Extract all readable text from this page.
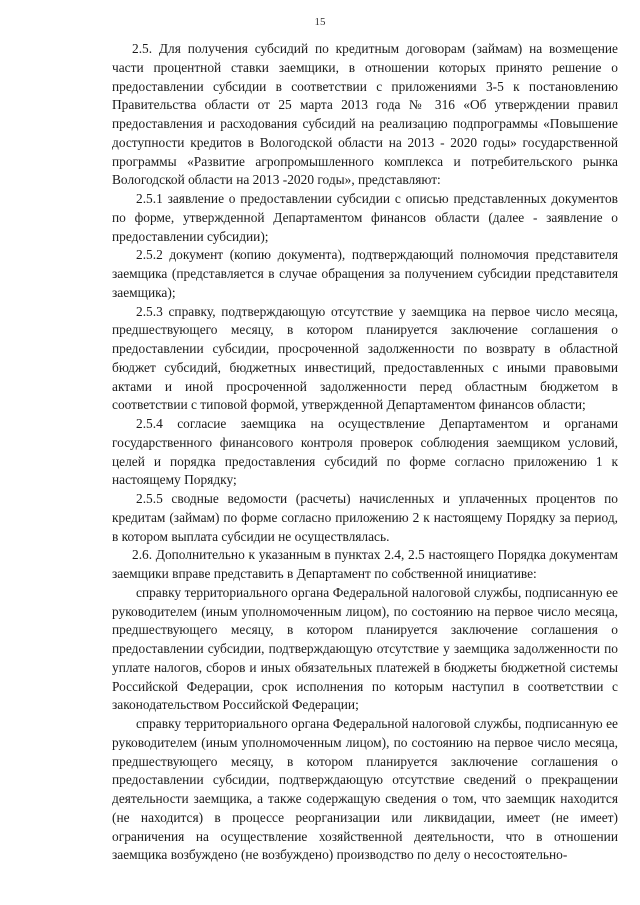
15

2.5. Для получения субсидий по кредитным договорам (займам) на возмещение части процентной ставки заемщики, в отношении которых принято решение о предоставлении субсидии в соответствии с приложениями 3-5 к постановлению Правительства области от 25 марта 2013 года № 316 «Об утверждении правил предоставления и расходования субсидий на реализацию подпрограммы «Повышение доступности кредитов в Вологодской области на 2013 - 2020 годы» государственной программы «Развитие агропромышленного комплекса и потребительского рынка Вологодской области на 2013 -2020 годы», представляют:

2.5.1 заявление о предоставлении субсидии с описью представленных документов по форме, утвержденной Департаментом финансов области (далее - заявление о предоставлении субсидии);

2.5.2 документ (копию документа), подтверждающий полномочия представителя заемщика (представляется в случае обращения за получением субсидии представителя заемщика);

2.5.3 справку, подтверждающую отсутствие у заемщика на первое число месяца, предшествующего месяцу, в котором планируется заключение соглашения о предоставлении субсидии, просроченной задолженности по возврату в областной бюджет субсидий, бюджетных инвестиций, предоставленных с иными правовыми актами и иной просроченной задолженности перед областным бюджетом в соответствии с типовой формой, утвержденной Департаментом финансов области;

2.5.4 согласие заемщика на осуществление Департаментом и органами государственного финансового контроля проверок соблюдения заемщиком условий, целей и порядка предоставления субсидий по форме согласно приложению 1 к настоящему Порядку;

2.5.5 сводные ведомости (расчеты) начисленных и уплаченных процентов по кредитам (займам) по форме согласно приложению 2 к настоящему Порядку за период, в котором выплата субсидии не осуществлялась.

2.6. Дополнительно к указанным в пунктах 2.4, 2.5 настоящего Порядка документам заемщики вправе представить в Департамент по собственной инициативе:

справку территориального органа Федеральной налоговой службы, подписанную ее руководителем (иным уполномоченным лицом), по состоянию на первое число месяца, предшествующего месяцу, в котором планируется заключение соглашения о предоставлении субсидии, подтверждающую отсутствие у заемщика задолженности по уплате налогов, сборов и иных обязательных платежей в бюджеты бюджетной системы Российской Федерации, срок исполнения по которым наступил в соответствии с законодательством Российской Федерации;

справку территориального органа Федеральной налоговой службы, подписанную ее руководителем (иным уполномоченным лицом), по состоянию на первое число месяца, предшествующего месяцу, в котором планируется заключение соглашения о предоставлении субсидии, подтверждающую отсутствие сведений о прекращении деятельности заемщика, а также содержащую сведения о том, что заемщик находится (не находится) в процессе реорганизации или ликвидации, имеет (не имеет) ограничения на осуществление хозяйственной деятельности, что в отношении заемщика возбуждено (не возбуждено) производство по делу о несостоятельно-
